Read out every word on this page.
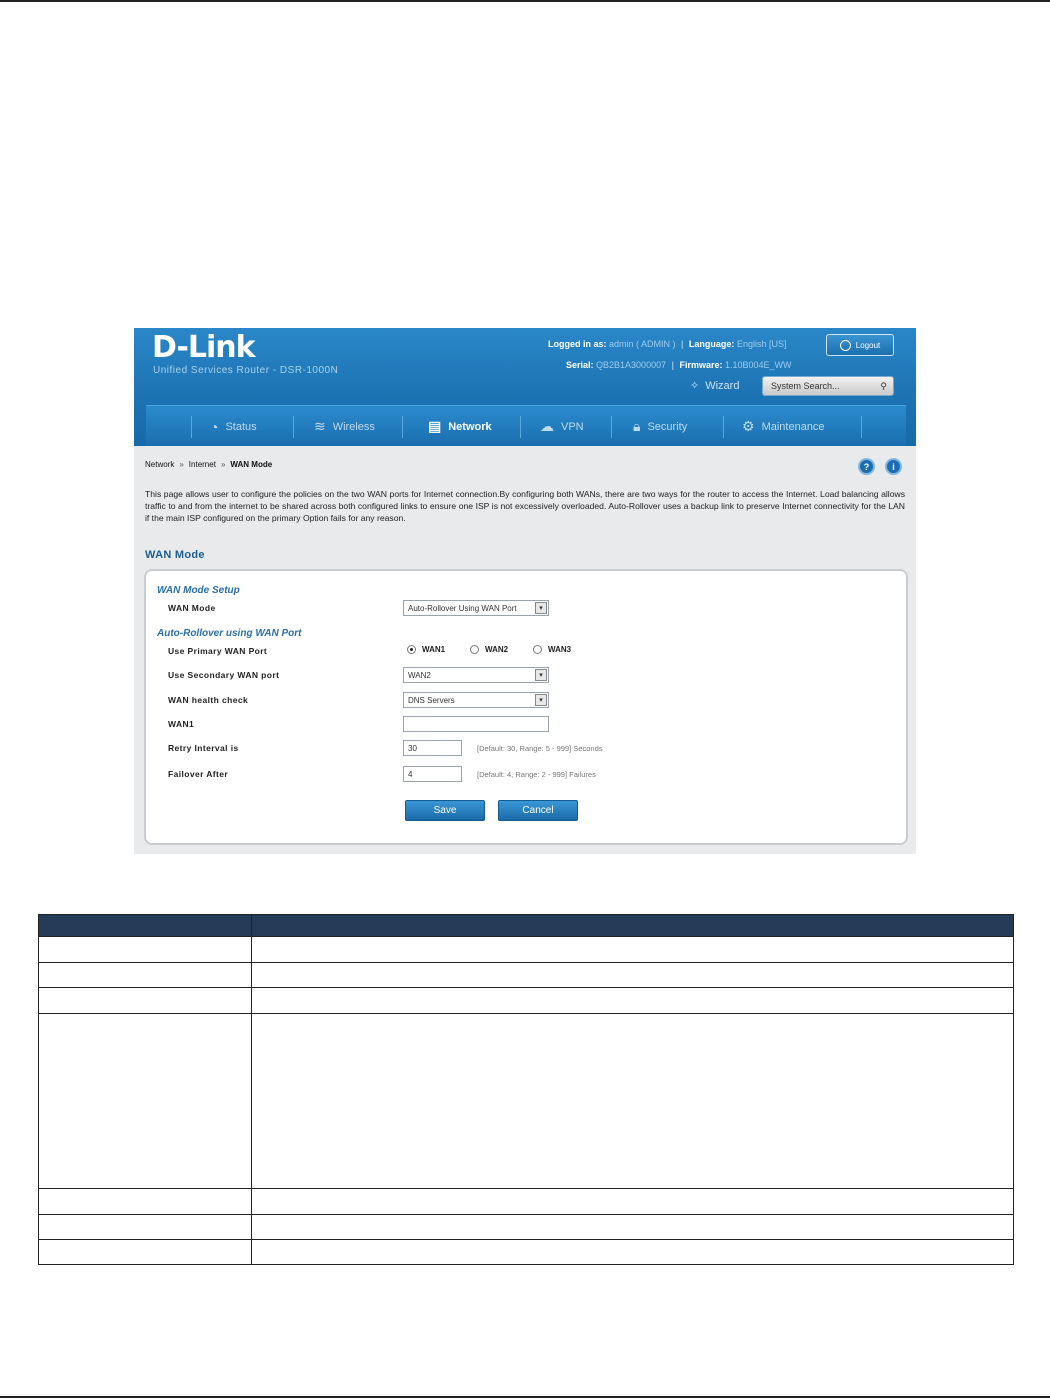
D-Link
Unified Services Router - DSR-1000N
Logged in as: admin ( ADMIN ) | Language: English [US]	Logout
Serial: QB2B1A3000007 | Firmware: 1.10B004E_WW
✧ Wizard	System Search...	⚲
◔ Status	≋ Wireless	▤ Network	☁ VPN	🔒︎ Security	⚙ Maintenance
Network » Internet » WAN Mode	?	i
This page allows user to configure the policies on the two WAN ports for Internet connection.By configuring both WANs, there are two ways for the router to access the Internet. Load balancing allows traffic to and from the internet to be shared across both configured links to ensure one ISP is not excessively overloaded. Auto-Rollover uses a backup link to preserve Internet connectivity for the LAN if the main ISP configured on the primary Option fails for any reason.
WAN Mode
WAN Mode Setup
WAN Mode	Auto-Rollover Using WAN Port	▾
Auto-Rollover using WAN Port
Use Primary WAN Port	WAN1	WAN2	WAN3
Use Secondary WAN port	WAN2	▾
WAN health check	DNS Servers	▾
WAN1
Retry Interval is	30	[Default: 30, Range: 5 - 999] Seconds
Failover After	4	[Default: 4, Range: 2 - 999] Failures
Save	Cancel
